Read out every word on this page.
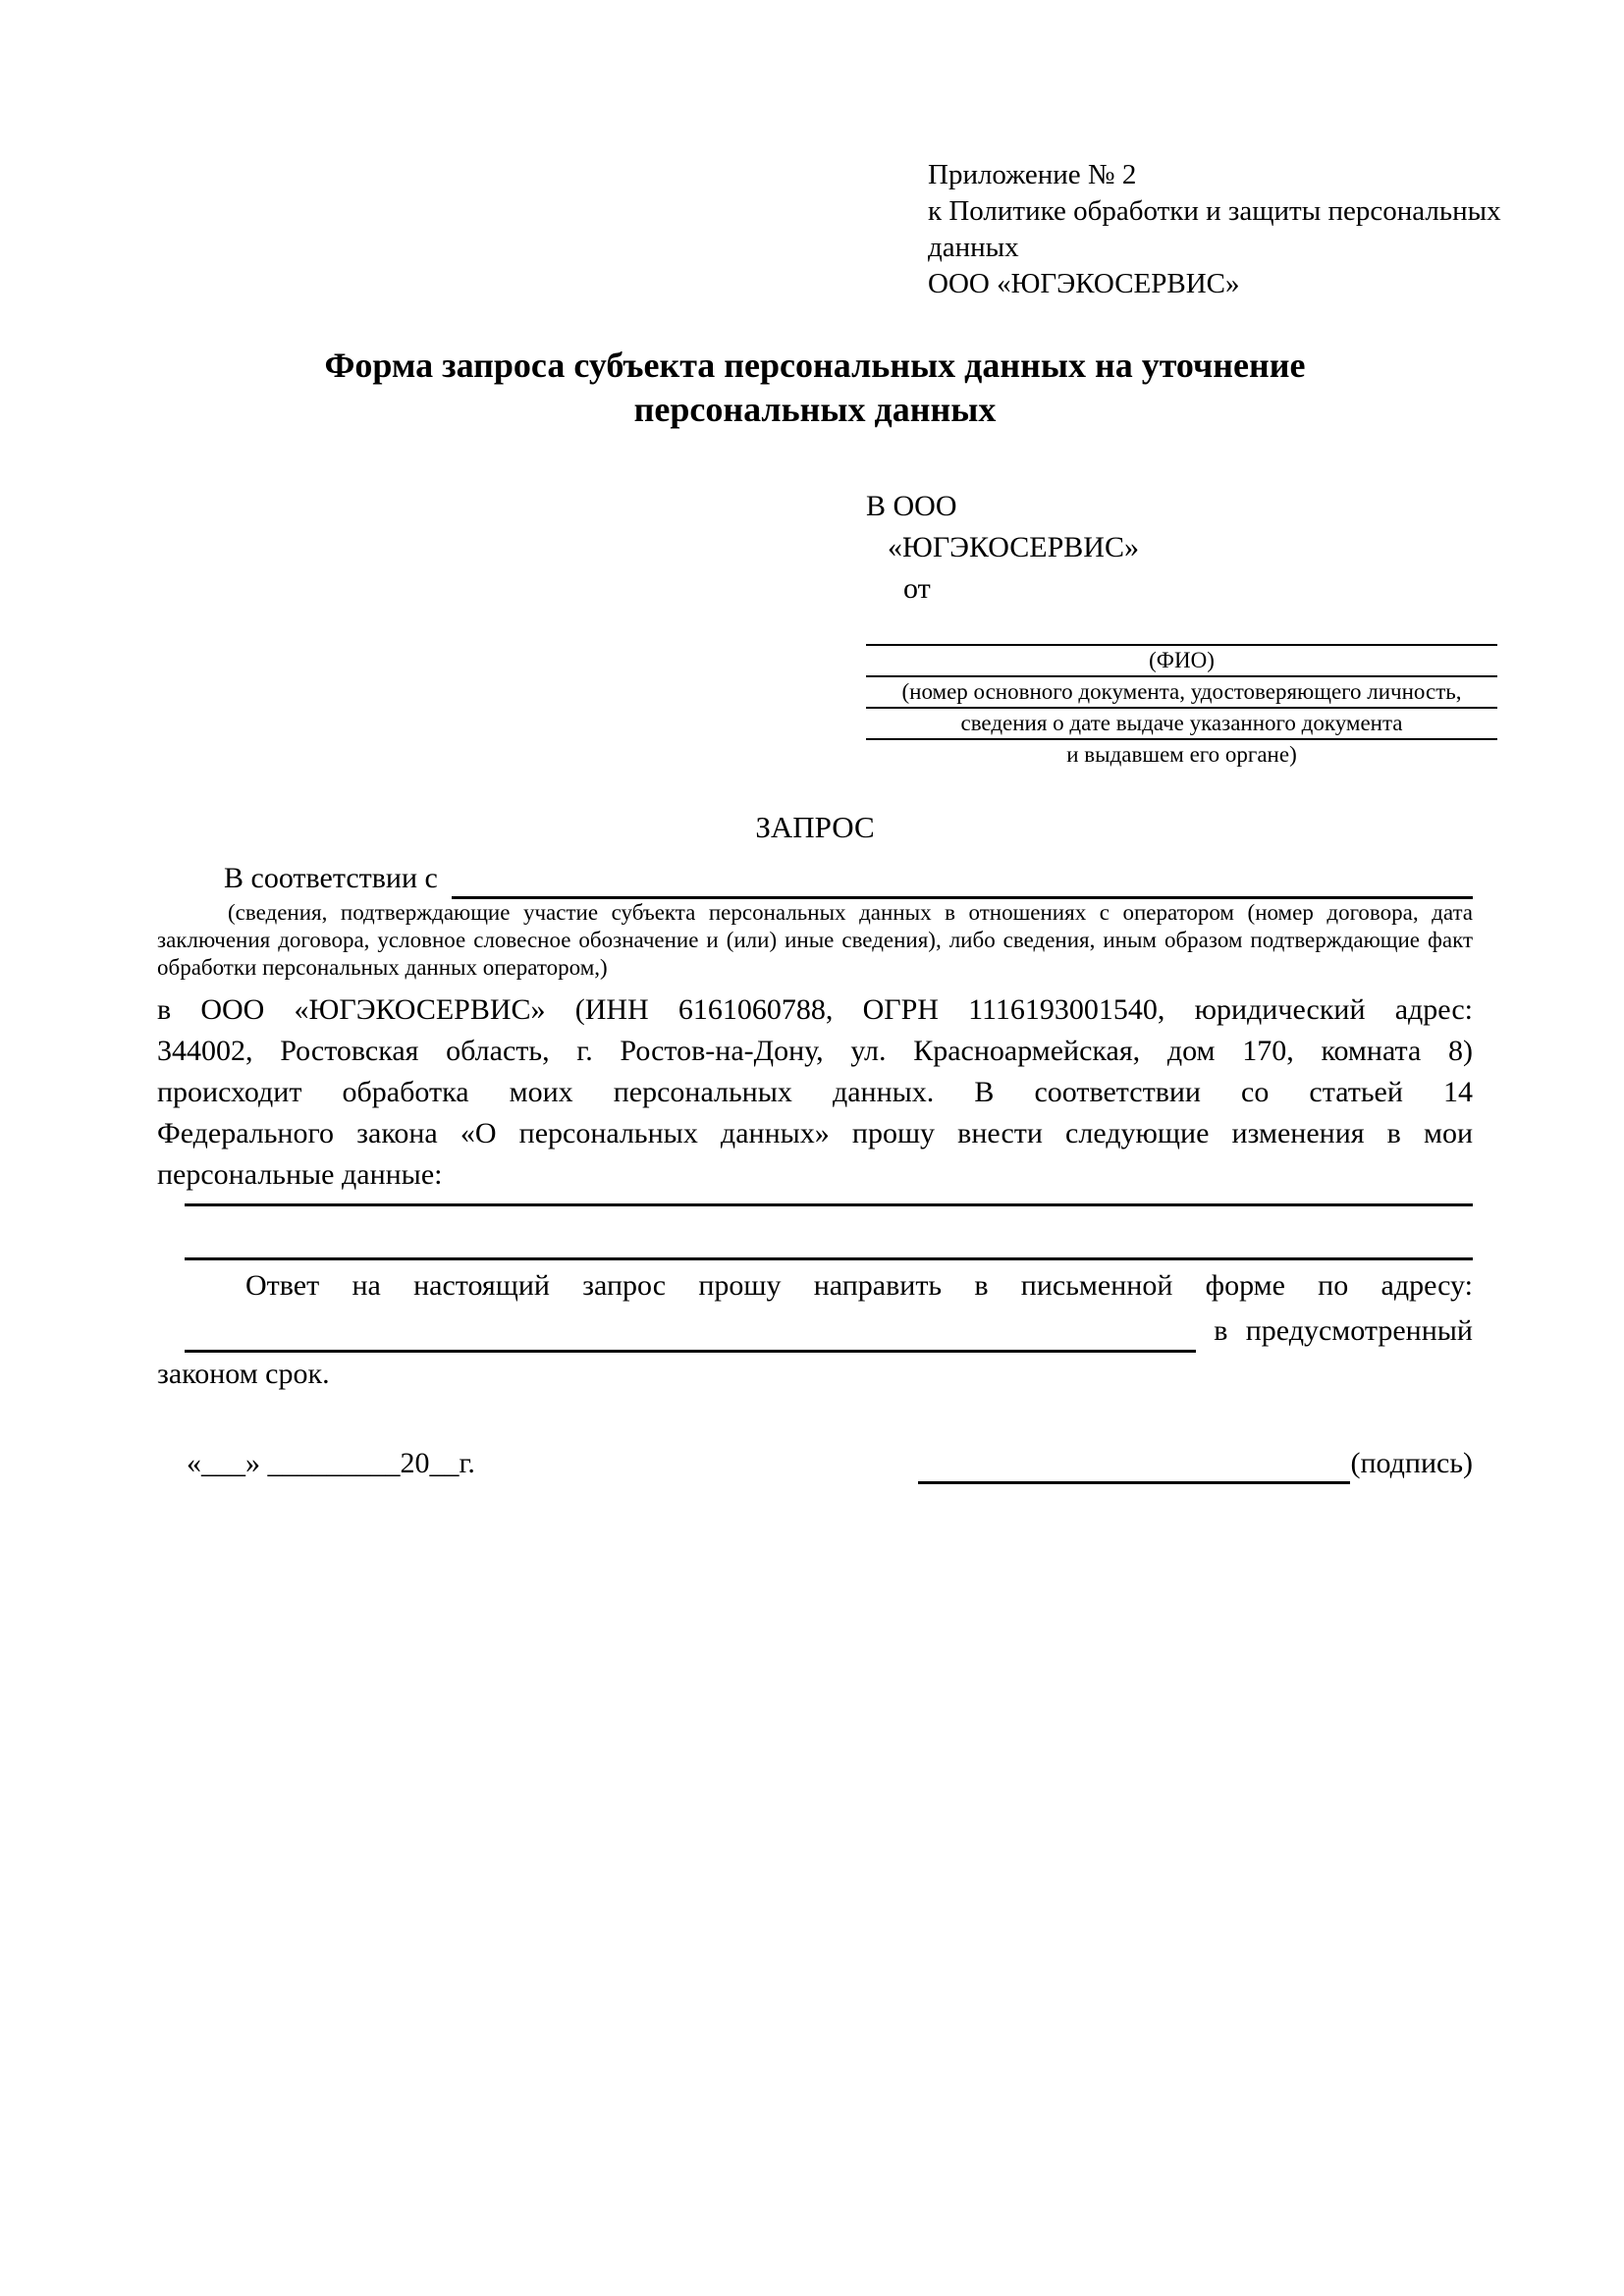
Приложение № 2
к Политике обработки и защиты персональных данных
ООО «ЮГЭКОСЕРВИС»
Форма запроса субъекта персональных данных на уточнение персональных данных
В ООО
«ЮГЭКОСЕРВИС»
от
(ФИО)
(номер основного документа, удостоверяющего личность,
сведения о дате выдаче указанного документа
и выдавшем его органе)
ЗАПРОС
В соответствии с
(сведения, подтверждающие участие субъекта персональных данных в отношениях с оператором (номер договора, дата
заключения договора, условное словесное обозначение и (или) иные сведения), либо сведения, иным образом подтверждающие факт
обработки персональных данных оператором,)
в ООО «ЮГЭКОСЕРВИС» (ИНН 6161060788, ОГРН 1116193001540, юридический адрес:
344002, Ростовская область, г. Ростов-на-Дону, ул. Красноармейская, дом 170, комната 8)
происходит обработка моих персональных данных. В соответствии со статьей 14
Федерального закона «О персональных данных» прошу внести следующие изменения в мои
персональные данные:
Ответ на настоящий запрос прошу направить в письменной форме по адресу:
в предусмотренный
законом срок.
«___» _________20__г.	(подпись)
